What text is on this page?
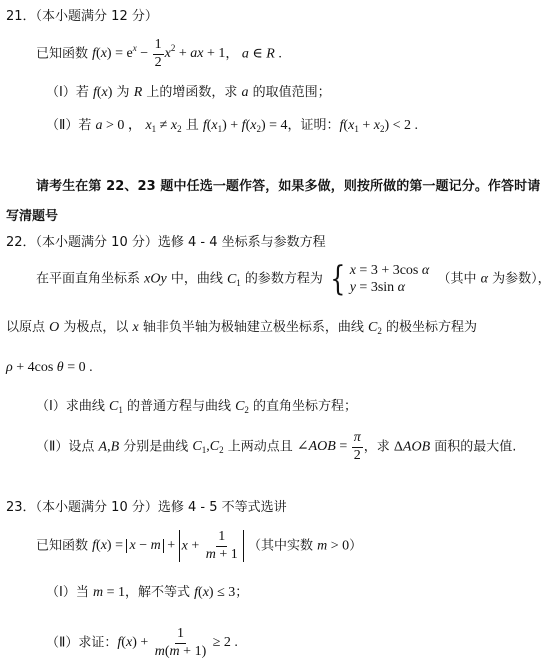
21．（本小题满分 12 分）
已知函数 $f(x) = e^x - \frac{1}{2} x^2$ + ax + 1， a ∈ R .
（Ⅰ）若 f(x) 为 R 上的增函数，求 a 的取值范围；
（Ⅱ）若 a > 0 ， $x_1 \ne x_2$ 且 $f(x_1) + f(x_2) = 4$，证明：$f(x_1 + x_2) < 2$ .
请考生在第 22、23 题中任选一题作答，如果多做，则按所做的第一题记分。作答时请
写清题号
22．（本小题满分 10 分）选修 4 - 4 坐标系与参数方程
在平面直角坐标系 xOy 中，曲线 $C_1$ 的参数方程为 { x = 3 + 3cos α
y = 3sin α
（其中 α 为参数），
以原点 O 为极点，以 x 轴非负半轴为极轴建立极坐标系，曲线 $C_2$ 的极坐标方程为
ρ + 4cos θ = 0 .
（Ⅰ）求曲线 $C_1$ 的普通方程与曲线 $C_2$ 的直角坐标方程；
（Ⅱ）设点 A,B 分别是曲线 $C_1,C_2$ 上两动点且 ∠AOB = $\frac{\pi}{2}$ ，求 ΔAOB 面积的最大值.
23．（本小题满分 10 分）选修 4 - 5 不等式选讲
已知函数 $f(x) = x - m + x + \frac{1}{m + 1}$ （其中实数 m > 0）
（Ⅰ）当 m = 1，解不等式 f(x) ≤ 3；
（Ⅱ）求证：$f(x) + \frac{1}{m(m + 1)} \ge 2$ .
